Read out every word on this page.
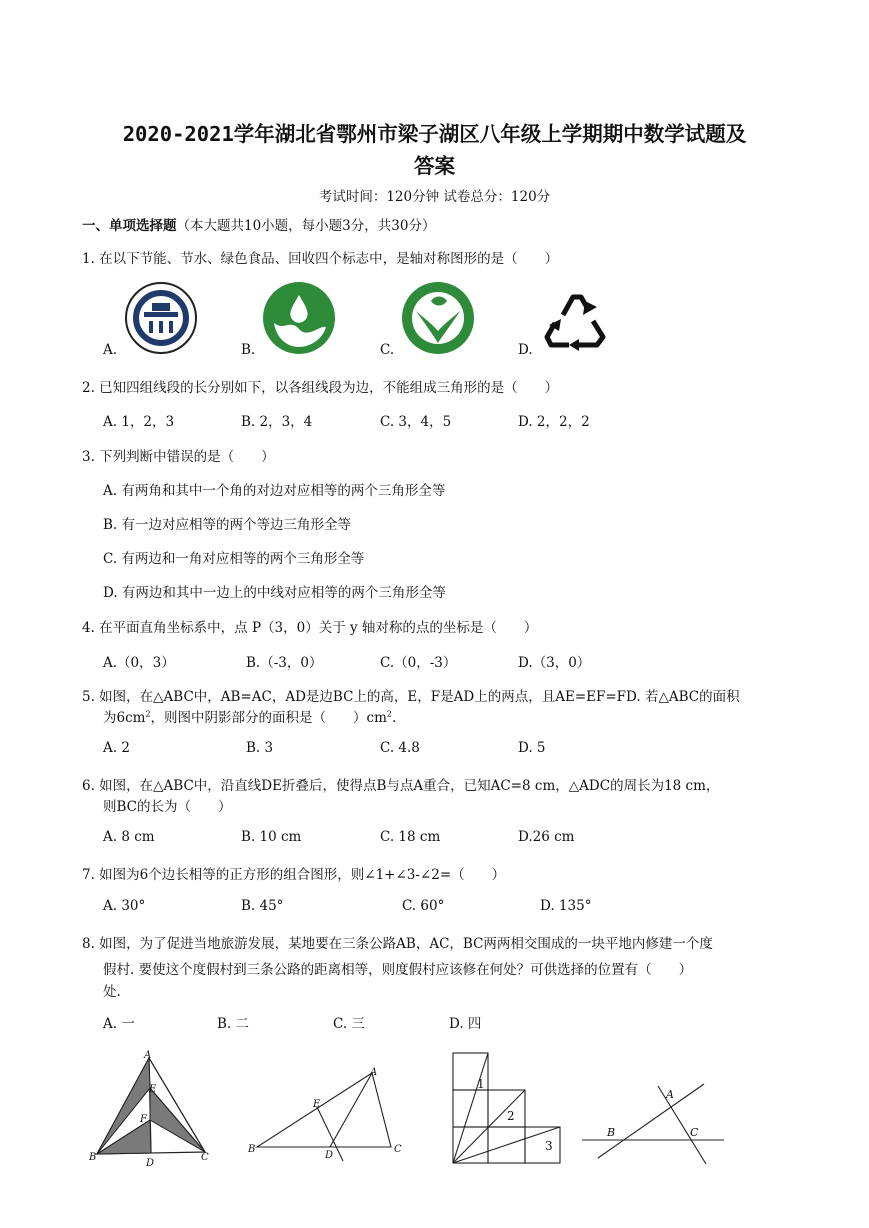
2020-2021学年湖北省鄂州市梁子湖区八年级上学期期中数学试题及
答案
考试时间：120分钟 试卷总分：120分
一、单项选择题（本大题共10小题，每小题3分，共30分）
1. 在以下节能、节水、绿色食品、回收四个标志中，是轴对称图形的是（　　）
A.	B.	C.	D.
2. 已知四组线段的长分别如下，以各组线段为边，不能组成三角形的是（　　）
A. 1，2，3	B. 2，3，4	C. 3，4，5	D. 2，2，2
3. 下列判断中错误的是（　　）
A. 有两角和其中一个角的对边对应相等的两个三角形全等
B. 有一边对应相等的两个等边三角形全等
C. 有两边和一角对应相等的两个三角形全等
D. 有两边和其中一边上的中线对应相等的两个三角形全等
4. 在平面直角坐标系中，点 P（3，0）关于 y 轴对称的点的坐标是（　　）
A.（0，3）	B.（-3，0）	C.（0，-3）	D.（3，0）
5. 如图，在△ABC中，AB=AC，AD是边BC上的高，E，F是AD上的两点，且AE=EF=FD. 若△ABC的面积
为$6cm^2$，则图中阴影部分的面积是（　　）$cm^2$.
A. 2	B. 3	C. 4.8	D. 5
6. 如图，在△ABC中，沿直线DE折叠后，使得点B与点A重合，已知AC=8 cm，△ADC的周长为18 cm，
则BC的长为（　　）
A. 8 cm	B. 10 cm	C. 18 cm	D.26 cm
7. 如图为6个边长相等的正方形的组合图形，则∠1+∠3-∠2=（　　）
A. 30°	B. 45°	C. 60°	D. 135°
8. 如图，为了促进当地旅游发展，某地要在三条公路AB，AC，BC两两相交围成的一块平地内修建一个度
假村. 要使这个度假村到三条公路的距离相等，则度假村应该修在何处？可供选择的位置有（　　）
处.
A. 一	B. 二	C. 三	D. 四
A
E
F
B
D
C
A
E
B
D
C
1
2
3
A
B	C
